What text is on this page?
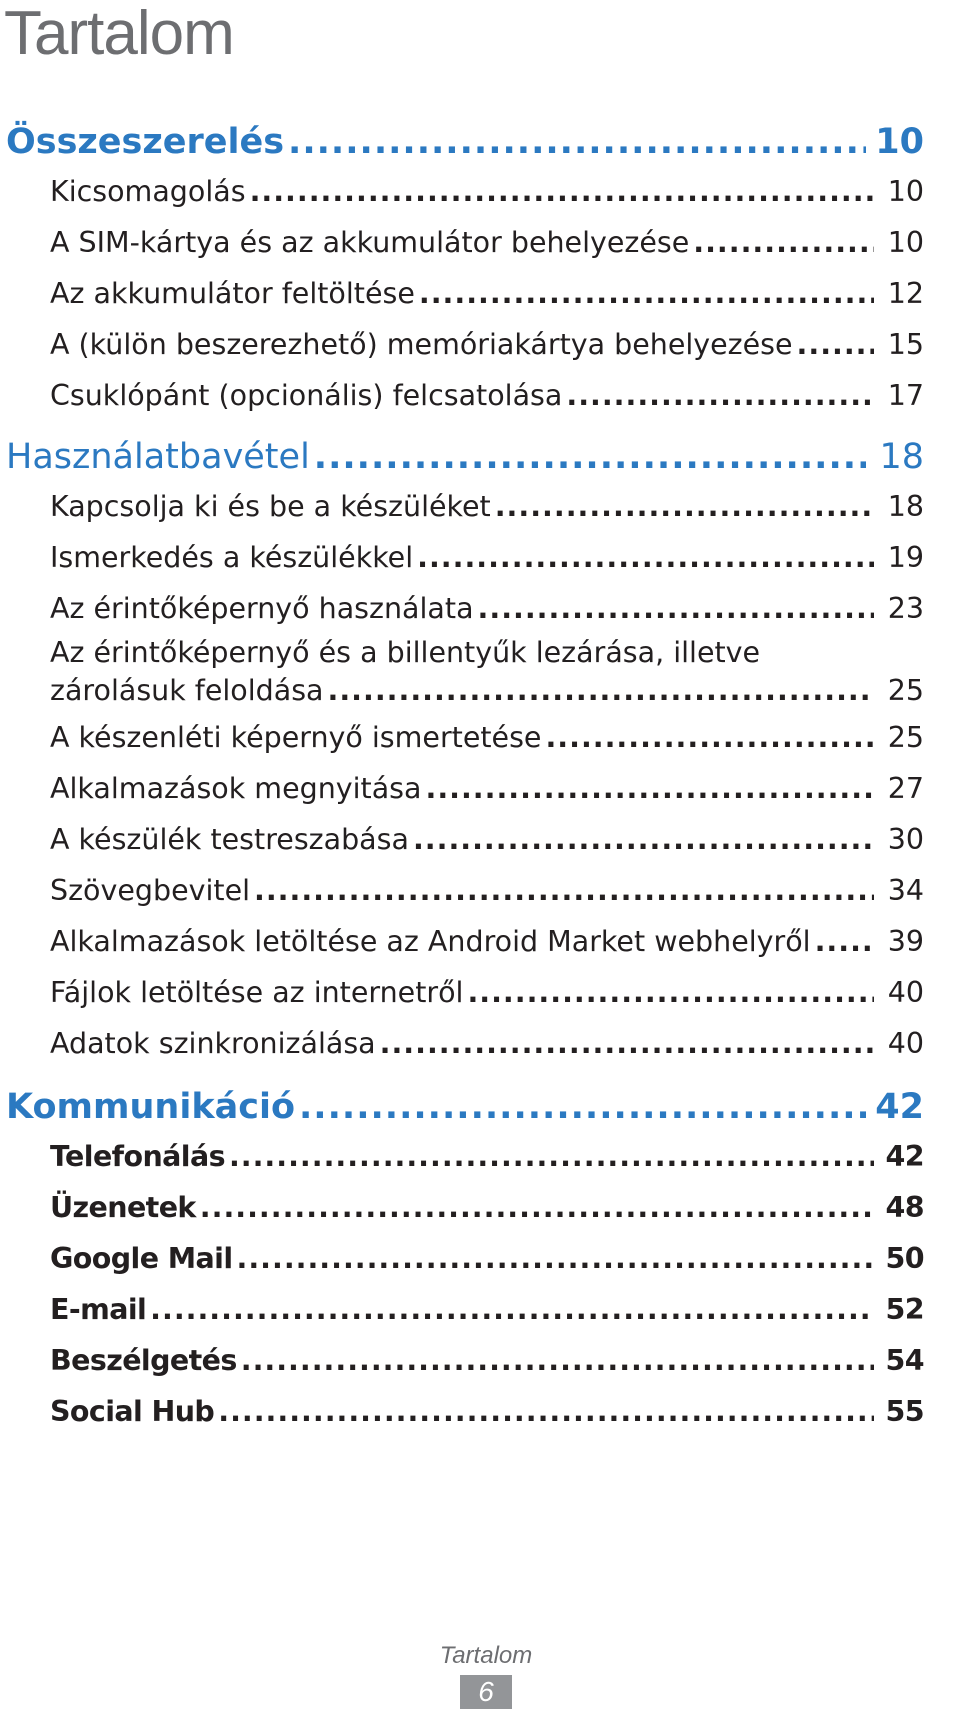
Tartalom
Összeszerelés .....	10
Kicsomagolás .....	10
A SIM-kártya és az akkumulátor behelyezése .....	10
Az akkumulátor feltöltése .....	12
A (külön beszerezhető) memóriakártya behelyezése .....	15
Csuklópánt (opcionális) felcsatolása .....	17
Használatbavétel .....	18
Kapcsolja ki és be a készüléket .....	18
Ismerkedés a készülékkel .....	19
Az érintőképernyő használata .....	23
Az érintőképernyő és a billentyűk lezárása, illetve
zárolásuk feloldása .....	25
A készenléti képernyő ismertetése .....	25
Alkalmazások megnyitása .....	27
A készülék testreszabása .....	30
Szövegbevitel .....	34
Alkalmazások letöltése az Android Market webhelyről .....	39
Fájlok letöltése az internetről .....	40
Adatok szinkronizálása .....	40
Kommunikáció .....	42
Telefonálás .....	42
Üzenetek .....	48
Google Mail .....	50
E-mail .....	52
Beszélgetés .....	54
Social Hub .....	55
Tartalom
6
